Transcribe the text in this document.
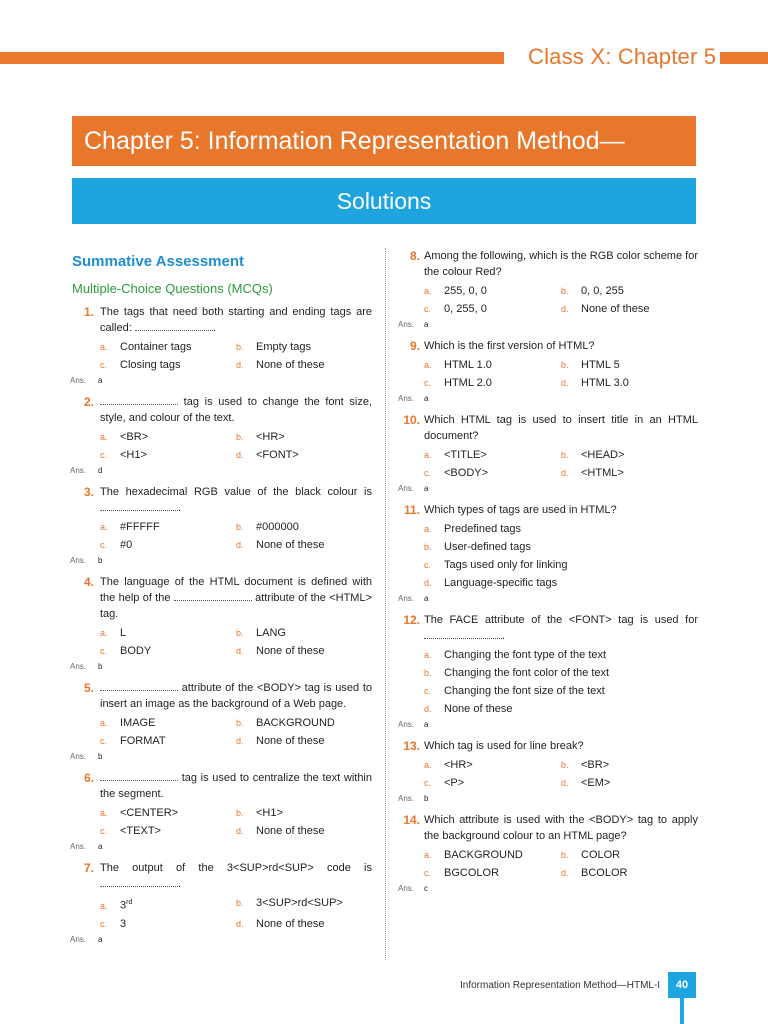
Class X: Chapter 5
Chapter 5: Information Representation Method—
Solutions
Summative Assessment
Multiple-Choice Questions (MCQs)
1. The tags that need both starting and ending tags are called:	.
a. Container tags	b. Empty tags
c. Closing tags	d. None of these
Ans. a
2.	tag is used to change the font size, style, and colour of the text.
a. <BR>	b. <HR>
c. <H1>	d. <FONT>
Ans. d
3. The hexadecimal RGB value of the black colour is .
a. #FFFFF	b. #000000
c. #0	d. None of these
Ans. b
4. The language of the HTML document is defined with the help of the	attribute of the <HTML> tag.
a. L	b. LANG
c. BODY	d. None of these
Ans. b
5.	attribute of the <BODY> tag is used to insert an image as the background of a Web page.
a. IMAGE	b. BACKGROUND
c. FORMAT	d. None of these
Ans. b
6.	tag is used to centralize the text within the segment.
a. <CENTER>	b. <H1>
c. <TEXT>	d. None of these
Ans. a
7. The output of the 3<SUP>rd<SUP> code is .
a. 3rd	b. 3<SUP>rd<SUP>
c. 3	d. None of these
Ans. a
8. Among the following, which is the RGB color scheme for the colour Red?
a. 255, 0, 0	b. 0, 0, 255
c. 0, 255, 0	d. None of these
Ans. a
9. Which is the first version of HTML?
a. HTML 1.0	b. HTML 5
c. HTML 2.0	d. HTML 3.0
Ans. a
10. Which HTML tag is used to insert title in an HTML document?
a. <TITLE>	b. <HEAD>
c. <BODY>	d. <HTML>
Ans. a
11. Which types of tags are used in HTML?
a. Predefined tags
b. User-defined tags
c. Tags used only for linking
d. Language-specific tags
Ans. a
12. The FACE attribute of the <FONT> tag is used for .
a. Changing the font type of the text
b. Changing the font color of the text
c. Changing the font size of the text
d. None of these
Ans. a
13. Which tag is used for line break?
a. <HR>	b. <BR>
c. <P>	d. <EM>
Ans. b
14. Which attribute is used with the <BODY> tag to apply the background colour to an HTML page?
a. BACKGROUND	b. COLOR
c. BGCOLOR	d. BCOLOR
Ans. c
Information Representation Method—HTML-I	40
